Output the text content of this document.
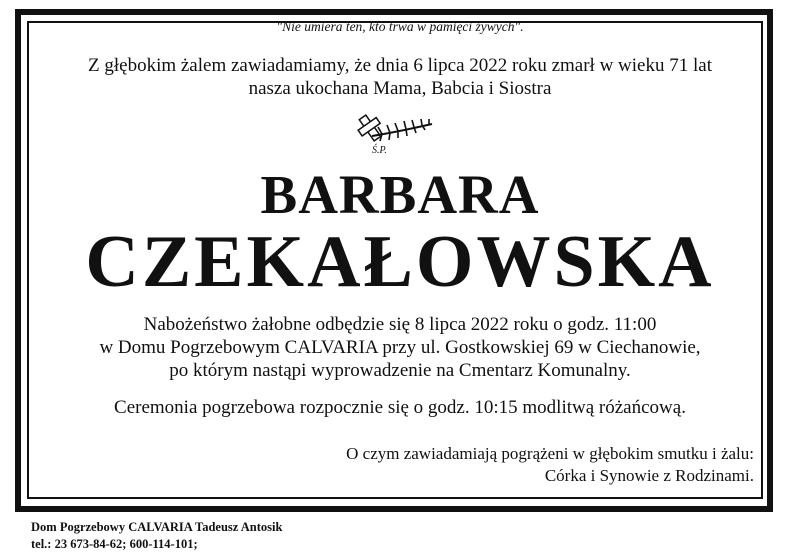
"Nie umiera ten, kto trwa w pamięci żywych".
Z głębokim żalem zawiadamiamy, że dnia 6 lipca 2022 roku zmarł w wieku 71 lat
nasza ukochana Mama, Babcia i Siostra
Ś.P.
BARBARA
CZEKAŁOWSKA
Nabożeństwo żałobne odbędzie się 8 lipca 2022 roku o godz. 11:00
w Domu Pogrzebowym CALVARIA przy ul. Gostkowskiej 69 w Ciechanowie,
po którym nastąpi wyprowadzenie na Cmentarz Komunalny.
Ceremonia pogrzebowa rozpocznie się o godz. 10:15 modlitwą różańcową.
O czym zawiadamiają pogrążeni w głębokim smutku i żalu:
Córka i Synowie z Rodzinami.
Dom Pogrzebowy CALVARIA Tadeusz Antosik
tel.: 23 673-84-62; 600-114-101;
